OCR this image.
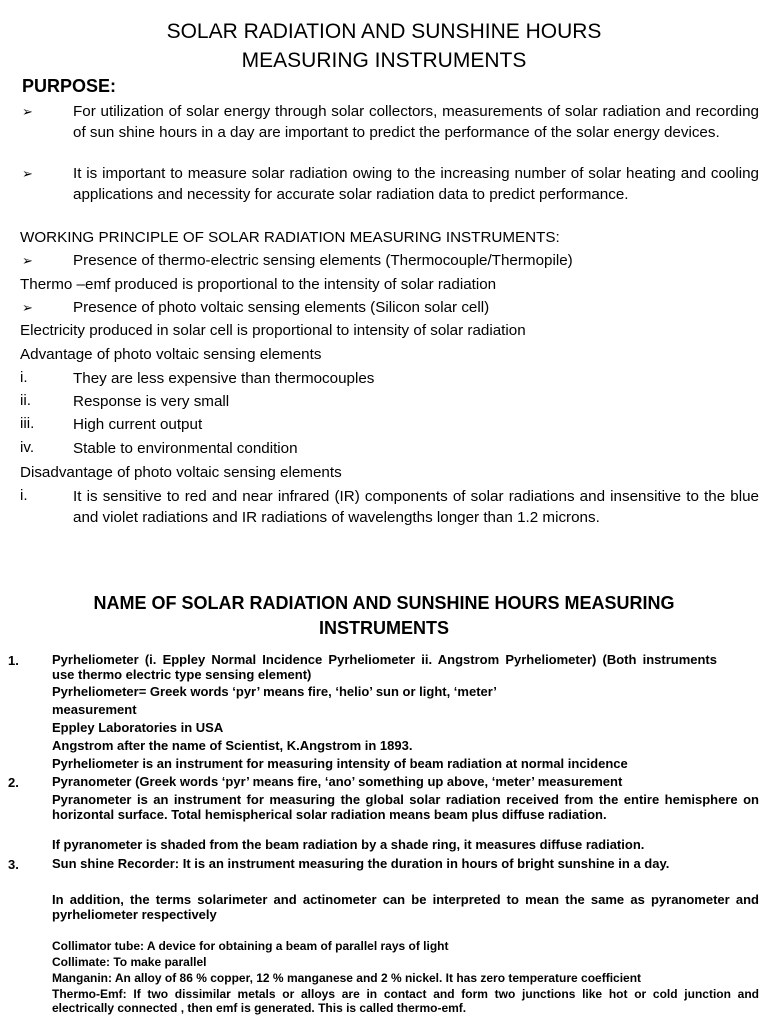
SOLAR RADIATION AND SUNSHINE HOURS
MEASURING INSTRUMENTS
PURPOSE:
➢	For utilization of solar energy through solar collectors, measurements of solar radiation and recording of sun shine hours in a day are important to predict the performance of the solar energy devices.
➢	It is important to measure solar radiation owing to the increasing number of solar heating and cooling applications and necessity for accurate solar radiation data to predict performance.
WORKING PRINCIPLE OF SOLAR RADIATION MEASURING INSTRUMENTS:
➢	Presence of thermo-electric sensing elements (Thermocouple/Thermopile)
Thermo –emf produced is proportional to the intensity of solar radiation
➢	Presence of photo voltaic sensing elements (Silicon solar cell)
Electricity produced in solar cell is proportional to intensity of solar radiation
Advantage of photo voltaic sensing elements
i.	They are less expensive than thermocouples
ii.	Response is very small
iii.	High current output
iv.	Stable to environmental condition
Disadvantage of photo voltaic sensing elements
i.	It is sensitive to red and near infrared (IR) components of solar radiations and insensitive to the blue and violet radiations and IR radiations of wavelengths longer than 1.2 microns.
NAME OF SOLAR RADIATION AND SUNSHINE HOURS MEASURING
INSTRUMENTS
1.	Pyrheliometer (i. Eppley Normal Incidence Pyrheliometer ii. Angstrom Pyrheliometer) (Both instruments use thermo electric type sensing element)
Pyrheliometer= Greek words ‘pyr’ means fire, ‘helio’ sun or light, ‘meter’
measurement
Eppley Laboratories in USA
Angstrom after the name of Scientist, K.Angstrom in 1893.
Pyrheliometer is an instrument for measuring intensity of beam radiation at normal incidence
2.	Pyranometer (Greek words ‘pyr’ means fire, ‘ano’ something up above, ‘meter’ measurement
Pyranometer is an instrument for measuring the global solar radiation received from the entire hemisphere on horizontal surface. Total hemispherical solar radiation means beam plus diffuse radiation.
If pyranometer is shaded from the beam radiation by a shade ring, it measures diffuse radiation.
3.	Sun shine Recorder: It is an instrument measuring the duration in hours of bright sunshine in a day.
In addition, the terms solarimeter and actinometer can be interpreted to mean the same as pyranometer and pyrheliometer respectively
Collimator tube: A device for obtaining a beam of parallel rays of light
Collimate: To make parallel
Manganin: An alloy of 86 % copper, 12 % manganese and 2 % nickel. It has zero temperature coefficient
Thermo-Emf: If two dissimilar metals or alloys are in contact and form two junctions like hot or cold junction and electrically connected , then emf is generated. This is called thermo-emf.
